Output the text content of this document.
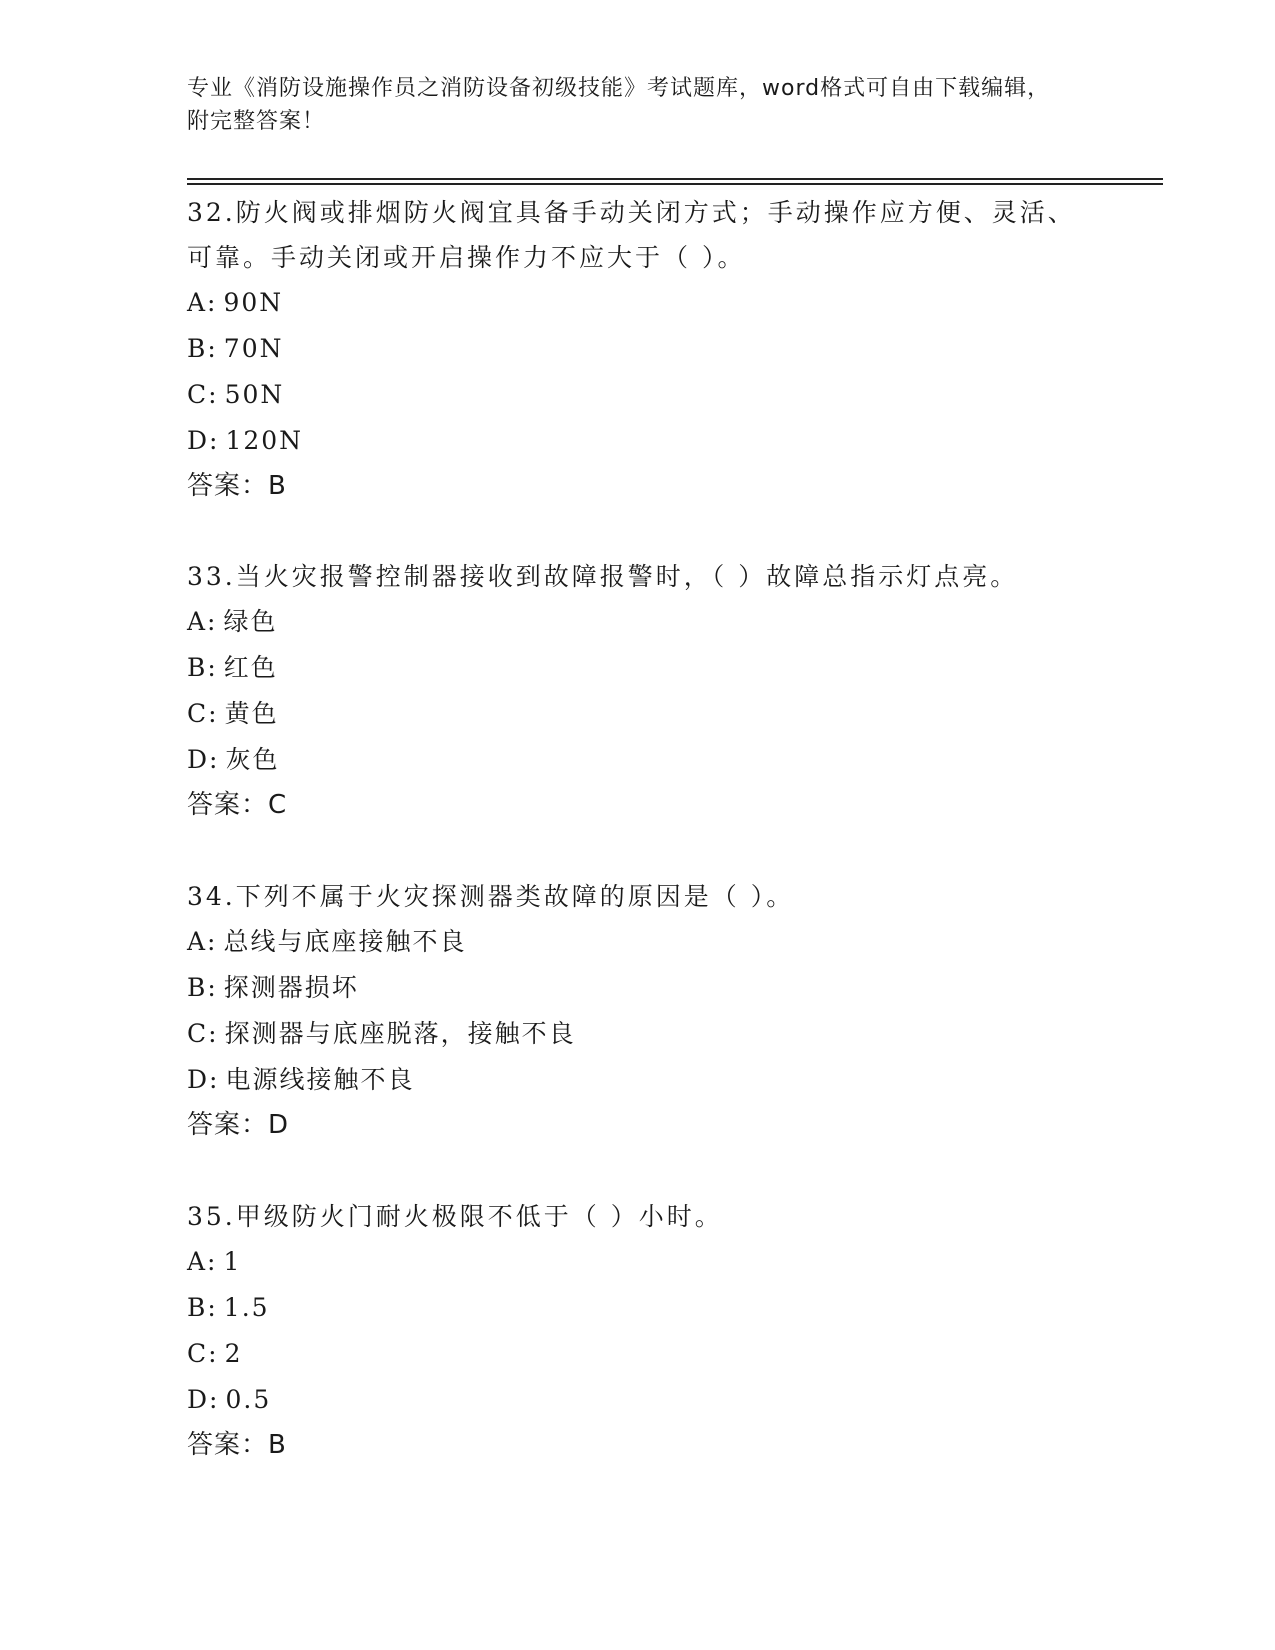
专业《消防设施操作员之消防设备初级技能》考试题库，word格式可自由下载编辑，附完整答案！

32.防火阀或排烟防火阀宜具备手动关闭方式；手动操作应方便、灵活、可靠。手动关闭或开启操作力不应大于（ ）。

A: 90N
B: 70N
C: 50N
D: 120N
答案：B

33.当火灾报警控制器接收到故障报警时，（ ）故障总指示灯点亮。

A: 绿色
B: 红色
C: 黄色
D: 灰色
答案：C

34.下列不属于火灾探测器类故障的原因是（ ）。

A: 总线与底座接触不良
B: 探测器损坏
C: 探测器与底座脱落，接触不良
D: 电源线接触不良
答案：D

35.甲级防火门耐火极限不低于（ ）小时。

A: 1
B: 1.5
C: 2
D: 0.5
答案：B
